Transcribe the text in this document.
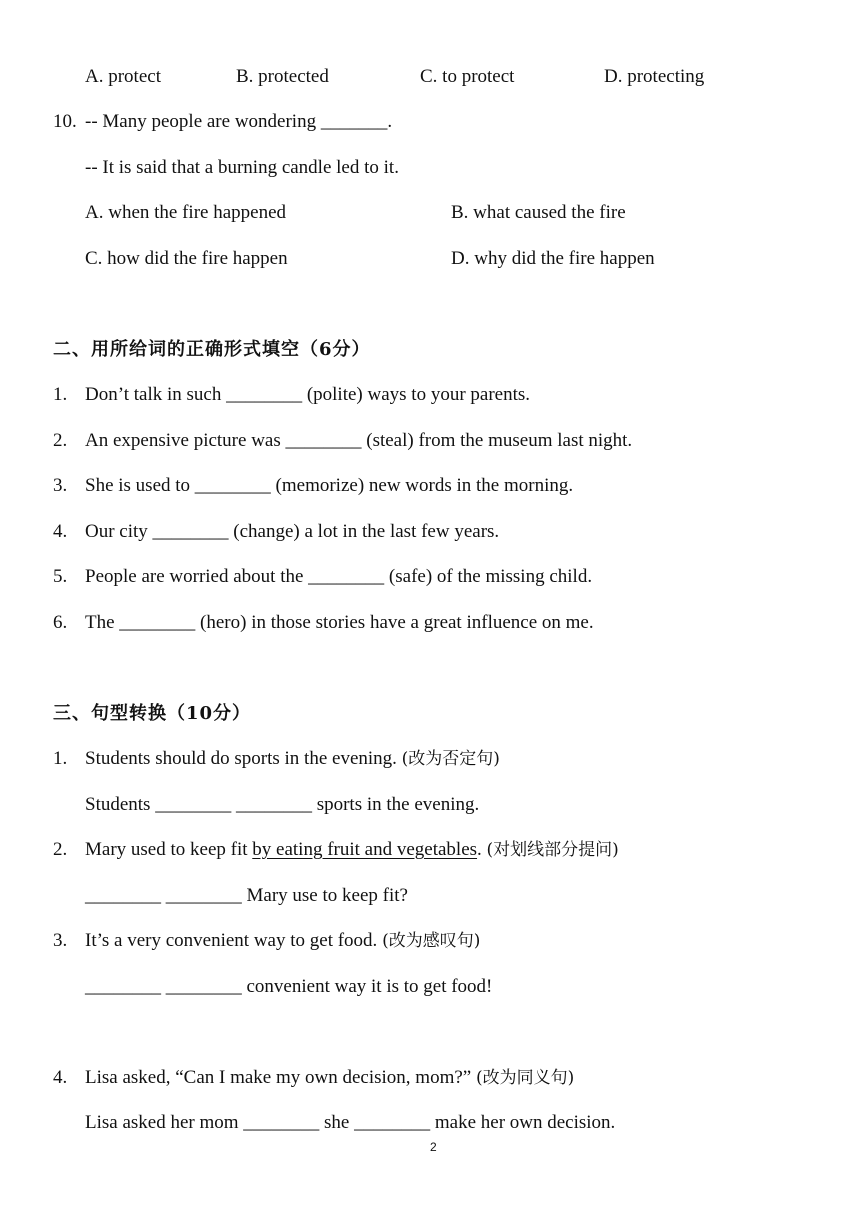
A. protect	B. protected	C. to protect	D. protecting
10. -- Many people are wondering _______.
-- It is said that a burning candle led to it.
A. when the fire happened	B. what caused the fire
C. how did the fire happen	D. why did the fire happen
二、用所给词的正确形式填空（6分）
1. Don’t talk in such ________ (polite) ways to your parents.
2. An expensive picture was ________ (steal) from the museum last night.
3. She is used to ________ (memorize) new words in the morning.
4. Our city ________ (change) a lot in the last few years.
5. People are worried about the ________ (safe) of the missing child.
6. The ________ (hero) in those stories have a great influence on me.
三、句型转换（10分）
1. Students should do sports in the evening. (改为否定句)
Students ________ ________ sports in the evening.
2. Mary used to keep fit by eating fruit and vegetables. (对划线部分提问)
________ ________ Mary use to keep fit?
3. It’s a very convenient way to get food. (改为感叹句)
________ ________ convenient way it is to get food!
4. Lisa asked, “Can I make my own decision, mom?” (改为同义句)
Lisa asked her mom ________ she ________ make her own decision.
2
